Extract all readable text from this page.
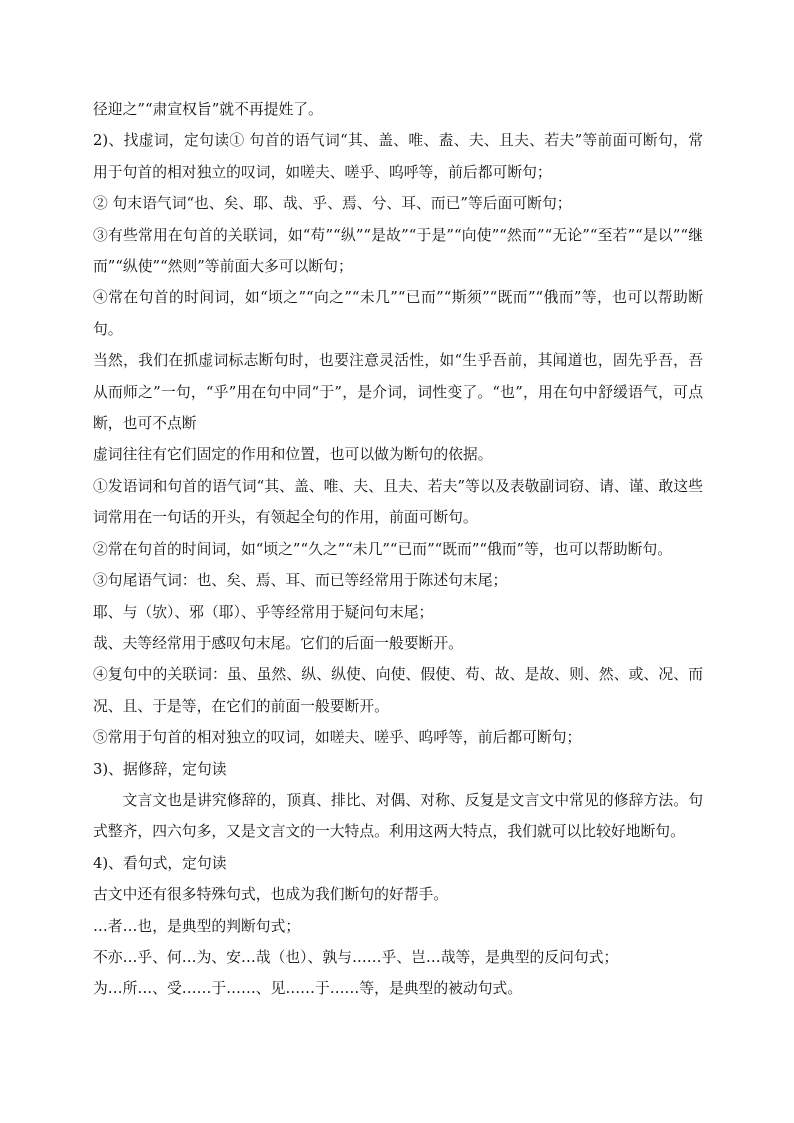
径迎之”“肃宣权旨”就不再提姓了。

2)、找虚词，定句读① 句首的语气词“其、盖、唯、盍、夫、且夫、若夫”等前面可断句，常用于句首的相对独立的叹词，如嗟夫、嗟乎、呜呼等，前后都可断句；

② 句末语气词“也、矣、耶、哉、乎、焉、兮、耳、而已”等后面可断句；

③有些常用在句首的关联词，如“苟”“纵”“是故”“于是”“向使”“然而”“无论”“至若”“是以”“继而”“纵使”“然则”等前面大多可以断句；

④常在句首的时间词，如“顷之”“向之”“未几”“已而”“斯须”“既而”“俄而”等，也可以帮助断句。

当然，我们在抓虚词标志断句时，也要注意灵活性，如“生乎吾前，其闻道也，固先乎吾，吾从而师之”一句，“乎”用在句中同“于”，是介词，词性变了。“也”，用在句中舒缓语气，可点断，也可不点断

虚词往往有它们固定的作用和位置，也可以做为断句的依据。

①发语词和句首的语气词“其、盖、唯、夫、且夫、若夫”等以及表敬副词窃、请、谨、敢这些词常用在一句话的开头，有领起全句的作用，前面可断句。

②常在句首的时间词，如“顷之”“久之”“未几”“已而”“既而”“俄而”等，也可以帮助断句。

③句尾语气词：也、矣、焉、耳、而已等经常用于陈述句末尾；

耶、与（欤）、邪（耶）、乎等经常用于疑问句末尾；

哉、夫等经常用于感叹句末尾。它们的后面一般要断开。

④复句中的关联词：虽、虽然、纵、纵使、向使、假使、苟、故、是故、则、然、或、况、而况、且、于是等，在它们的前面一般要断开。

⑤常用于句首的相对独立的叹词，如嗟夫、嗟乎、呜呼等，前后都可断句；

3)、据修辞，定句读

文言文也是讲究修辞的，顶真、排比、对偶、对称、反复是文言文中常见的修辞方法。句式整齐，四六句多，又是文言文的一大特点。利用这两大特点，我们就可以比较好地断句。

4)、看句式，定句读

古文中还有很多特殊句式，也成为我们断句的好帮手。

…者…也，是典型的判断句式；

不亦…乎、何…为、安…哉（也）、孰与……乎、岂…哉等，是典型的反问句式；

为…所…、受……于……、见……于……等，是典型的被动句式。
